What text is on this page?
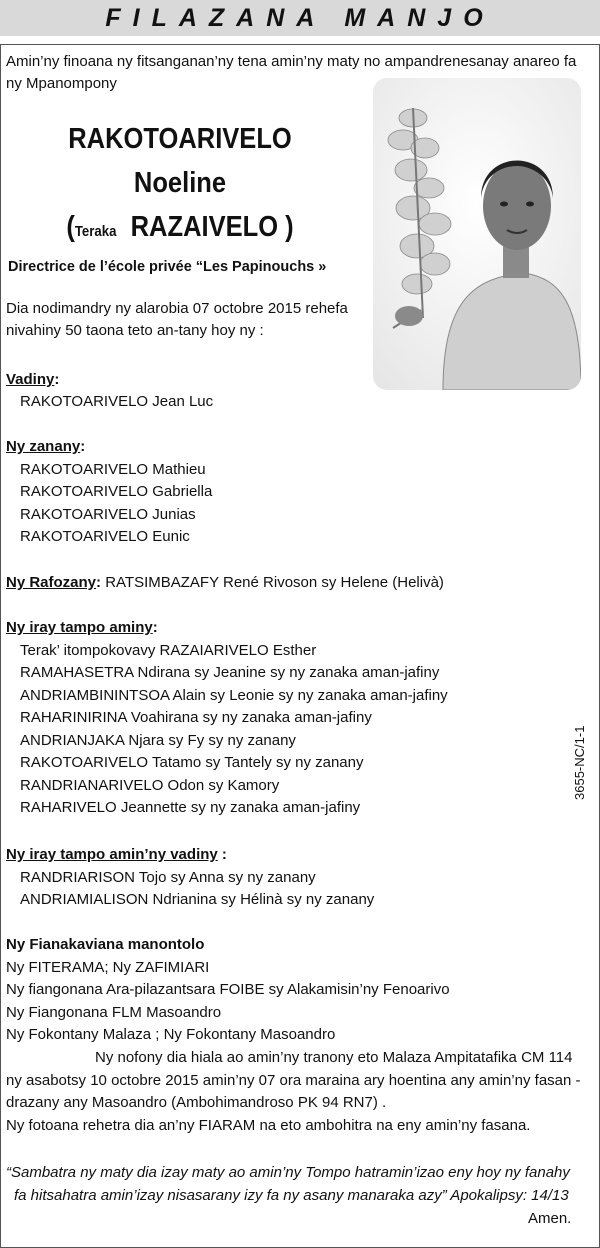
FILAZANA MANJO
Amin’ny finoana ny fitsanganan’ny tena amin’ny maty no ampandrenesanay anareo fa ny Mpanompony
RAKOTOARIVELO
Noeline
(Teraka RAZAIVELO )
Directrice de l’école privée “Les Papinouchs »
Dia nodimandry ny alarobia 07 octobre 2015 rehefa
nivahiny 50 taona teto an-tany hoy ny :
Vadiny:
RAKOTOARIVELO Jean Luc
Ny zanany:
RAKOTOARIVELO Mathieu
RAKOTOARIVELO Gabriella
RAKOTOARIVELO Junias
RAKOTOARIVELO Eunic
Ny Rafozany: RATSIMBAZAFY René Rivoson sy Helene (Helivà)
Ny iray tampo aminy:
Terak’ itompokovavy RAZAIARIVELO Esther
RAMAHASETRA Ndirana sy Jeanine sy ny zanaka aman-jafiny
ANDRIAMBININTSOA Alain sy Leonie sy ny zanaka aman-jafiny
RAHARINIRINA Voahirana sy ny zanaka aman-jafiny
ANDRIANJAKA Njara sy Fy sy ny zanany
RAKOTOARIVELO Tatamo sy Tantely sy ny zanany
RANDRIANARIVELO Odon sy Kamory
RAHARIVELO Jeannette sy ny zanaka aman-jafiny
Ny iray tampo amin’ny vadiny :
RANDRIARISON Tojo sy Anna sy ny zanany
ANDRIAMIALISON Ndrianina sy Hélinà sy ny zanany
Ny Fianakaviana manontolo
Ny FITERAMA; Ny ZAFIMIARI
Ny fiangonana Ara-pilazantsara FOIBE sy Alakamisin’ny Fenoarivo
Ny Fiangonana FLM Masoandro
Ny Fokontany Malaza ; Ny Fokontany Masoandro
Ny nofony dia hiala ao amin’ny tranony eto Malaza Ampitatafika CM 114
ny asabotsy 10 octobre 2015 amin’ny 07 ora maraina ary hoentina any amin’ny fasan -
drazany any Masoandro (Ambohimandroso PK 94 RN7) .
Ny fotoana rehetra dia an’ny FIARAM na eto ambohitra na eny amin’ny fasana.
“Sambatra ny maty dia izay maty ao amin’ny Tompo hatramin’izao eny hoy ny fanahy
fa hitsahatra amin’izay nisasarany izy fa ny asany manaraka azy” Apokalipsy: 14/13
Amen.
3655-NC/1-1
